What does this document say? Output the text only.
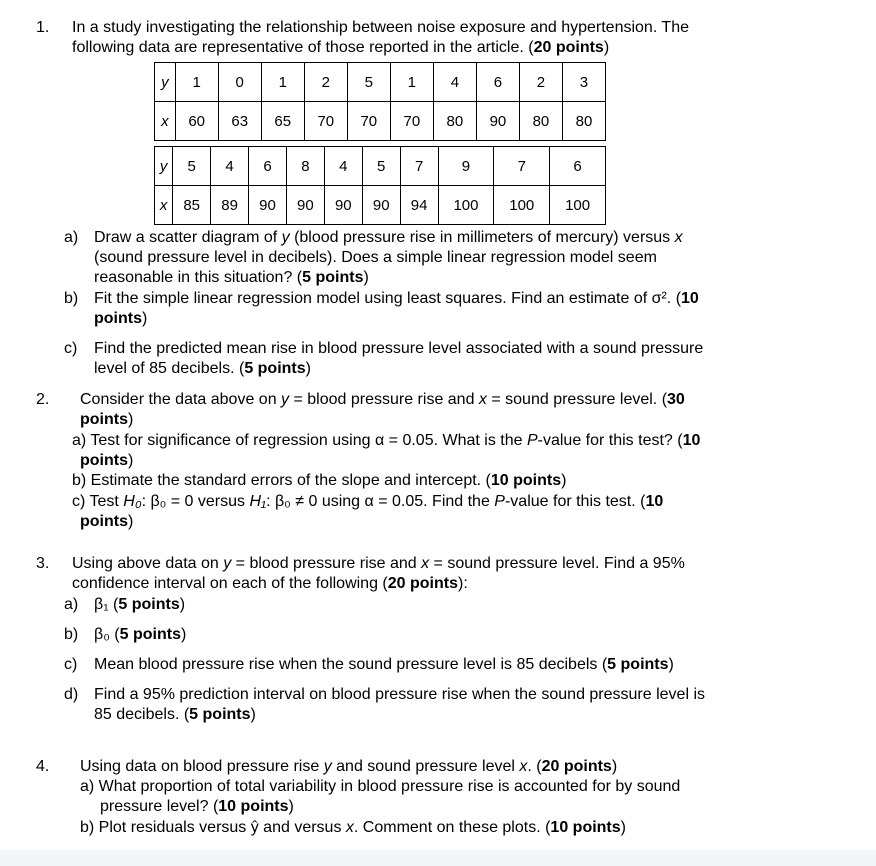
1. In a study investigating the relationship between noise exposure and hypertension. The
following data are representative of those reported in the article. (20 points)
y	1	0	1	2	5	1	4	6	2	3
x	60	63	65	70	70	70	80	90	80	80
y	5	4	6	8	4	5	7	9	7	6
x	85	89	90	90	90	90	94	100	100	100
a) Draw a scatter diagram of y (blood pressure rise in millimeters of mercury) versus x
(sound pressure level in decibels). Does a simple linear regression model seem
reasonable in this situation? (5 points)
b) Fit the simple linear regression model using least squares. Find an estimate of σ². (10
points)
c) Find the predicted mean rise in blood pressure level associated with a sound pressure
level of 85 decibels. (5 points)
2. Consider the data above on y = blood pressure rise and x = sound pressure level. (30
points)
a) Test for significance of regression using α = 0.05. What is the P-value for this test? (10
points)
b) Estimate the standard errors of the slope and intercept. (10 points)
c) Test H₀: β₀ = 0 versus H₁: β₀ ≠ 0 using α = 0.05. Find the P-value for this test. (10
points)
3. Using above data on y = blood pressure rise and x = sound pressure level. Find a 95%
confidence interval on each of the following (20 points):
a) β₁ (5 points)
b) β₀ (5 points)
c) Mean blood pressure rise when the sound pressure level is 85 decibels (5 points)
d) Find a 95% prediction interval on blood pressure rise when the sound pressure level is
85 decibels. (5 points)
4. Using data on blood pressure rise y and sound pressure level x. (20 points)
a) What proportion of total variability in blood pressure rise is accounted for by sound
pressure level? (10 points)
b) Plot residuals versus ŷ and versus x. Comment on these plots. (10 points)
